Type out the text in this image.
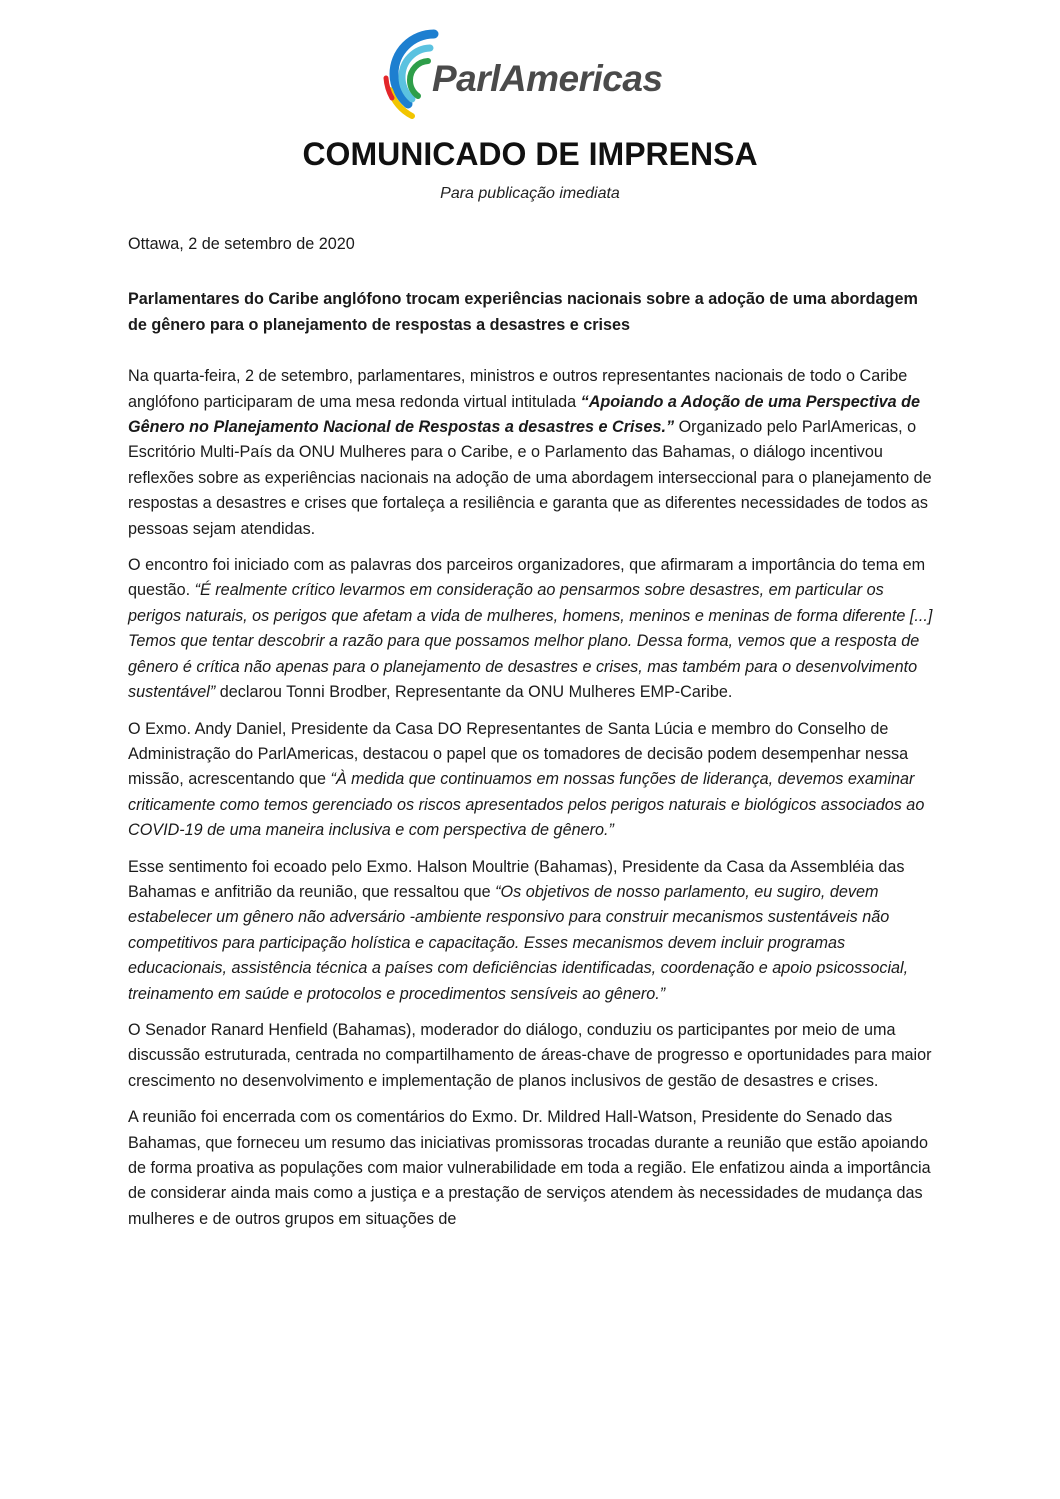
ParlAmericas
COMUNICADO DE IMPRENSA

Para publicação imediata

Ottawa, 2 de setembro de 2020

Parlamentares do Caribe anglófono trocam experiências nacionais sobre a adoção de uma abordagem de gênero para o planejamento de respostas a desastres e crises

Na quarta-feira, 2 de setembro, parlamentares, ministros e outros representantes nacionais de todo o Caribe anglófono participaram de uma mesa redonda virtual intitulada “Apoiando a Adoção de uma Perspectiva de Gênero no Planejamento Nacional de Respostas a desastres e Crises.” Organizado pelo ParlAmericas, o Escritório Multi-País da ONU Mulheres para o Caribe, e o Parlamento das Bahamas, o diálogo incentivou reflexões sobre as experiências nacionais na adoção de uma abordagem interseccional para o planejamento de respostas a desastres e crises que fortaleça a resiliência e garanta que as diferentes necessidades de todos as pessoas sejam atendidas.

O encontro foi iniciado com as palavras dos parceiros organizadores, que afirmaram a importância do tema em questão. “É realmente crítico levarmos em consideração ao pensarmos sobre desastres, em particular os perigos naturais, os perigos que afetam a vida de mulheres, homens, meninos e meninas de forma diferente [...] Temos que tentar descobrir a razão para que possamos melhor plano. Dessa forma, vemos que a resposta de gênero é crítica não apenas para o planejamento de desastres e crises, mas também para o desenvolvimento sustentável” declarou Tonni Brodber, Representante da ONU Mulheres EMP-Caribe.

O Exmo. Andy Daniel, Presidente da Casa DO Representantes de Santa Lúcia e membro do Conselho de Administração do ParlAmericas, destacou o papel que os tomadores de decisão podem desempenhar nessa missão, acrescentando que “À medida que continuamos em nossas funções de liderança, devemos examinar criticamente como temos gerenciado os riscos apresentados pelos perigos naturais e biológicos associados ao COVID-19 de uma maneira inclusiva e com perspectiva de gênero.”

Esse sentimento foi ecoado pelo Exmo. Halson Moultrie (Bahamas), Presidente da Casa da Assembléia das Bahamas e anfitrião da reunião, que ressaltou que “Os objetivos de nosso parlamento, eu sugiro, devem estabelecer um gênero não adversário -ambiente responsivo para construir mecanismos sustentáveis não competitivos para participação holística e capacitação. Esses mecanismos devem incluir programas educacionais, assistência técnica a países com deficiências identificadas, coordenação e apoio psicossocial, treinamento em saúde e protocolos e procedimentos sensíveis ao gênero.”

O Senador Ranard Henfield (Bahamas), moderador do diálogo, conduziu os participantes por meio de uma discussão estruturada, centrada no compartilhamento de áreas-chave de progresso e oportunidades para maior crescimento no desenvolvimento e implementação de planos inclusivos de gestão de desastres e crises.

A reunião foi encerrada com os comentários do Exmo. Dr. Mildred Hall-Watson, Presidente do Senado das Bahamas, que forneceu um resumo das iniciativas promissoras trocadas durante a reunião que estão apoiando de forma proativa as populações com maior vulnerabilidade em toda a região. Ele enfatizou ainda a importância de considerar ainda mais como a justiça e a prestação de serviços atendem às necessidades de mudança das mulheres e de outros grupos em situações de
